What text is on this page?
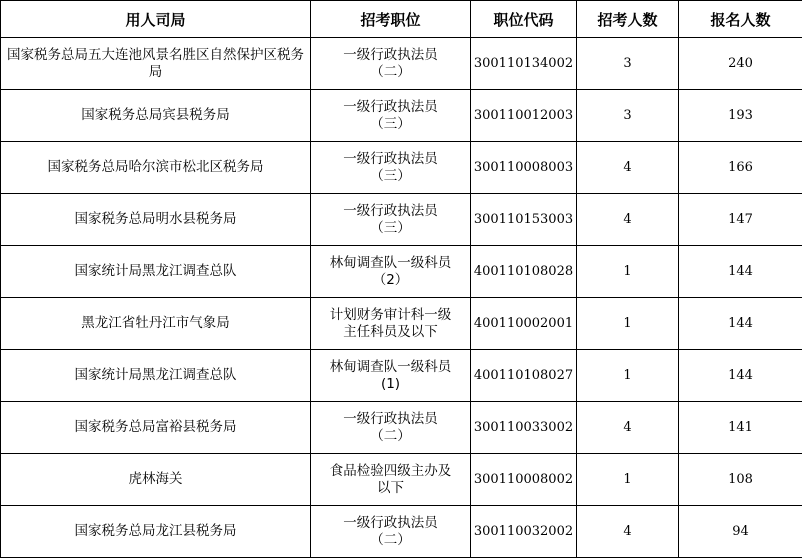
用人司局	招考职位	职位代码	招考人数	报名人数
国家税务总局五大连池风景名胜区自然保护区税务局	一级行政执法员
（二）	300110134002	3	240
国家税务总局宾县税务局	一级行政执法员
（三）	300110012003	3	193
国家税务总局哈尔滨市松北区税务局	一级行政执法员
（三）	300110008003	4	166
国家税务总局明水县税务局	一级行政执法员
（三）	300110153003	4	147
国家统计局黑龙江调查总队	林甸调查队一级科员
（2）	400110108028	1	144
黑龙江省牡丹江市气象局	计划财务审计科一级
主任科员及以下	400110002001	1	144
国家统计局黑龙江调查总队	林甸调查队一级科员
(1)	400110108027	1	144
国家税务总局富裕县税务局	一级行政执法员
（二）	300110033002	4	141
虎林海关	食品检验四级主办及
以下	300110008002	1	108
国家税务总局龙江县税务局	一级行政执法员
（二）	300110032002	4	94
